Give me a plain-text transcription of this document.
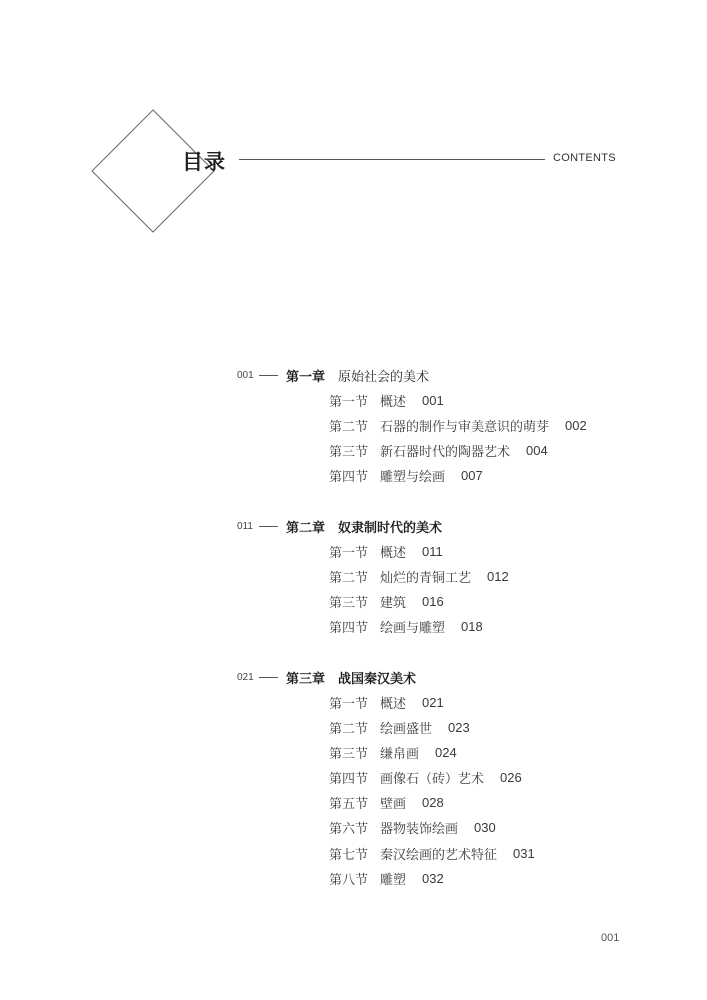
目录	CONTENTS
001	第一章 原始社会的美术
第一节 概述 001
第二节 石器的制作与审美意识的萌芽 002
第三节 新石器时代的陶器艺术 004
第四节 雕塑与绘画 007
011	第二章 奴隶制时代的美术
第一节 概述 011
第二节 灿烂的青铜工艺 012
第三节 建筑 016
第四节 绘画与雕塑 018
021	第三章 战国秦汉美术
第一节 概述 021
第二节 绘画盛世 023
第三节 缣帛画 024
第四节 画像石（砖）艺术 026
第五节 壁画 028
第六节 器物装饰绘画 030
第七节 秦汉绘画的艺术特征 031
第八节 雕塑 032
001
